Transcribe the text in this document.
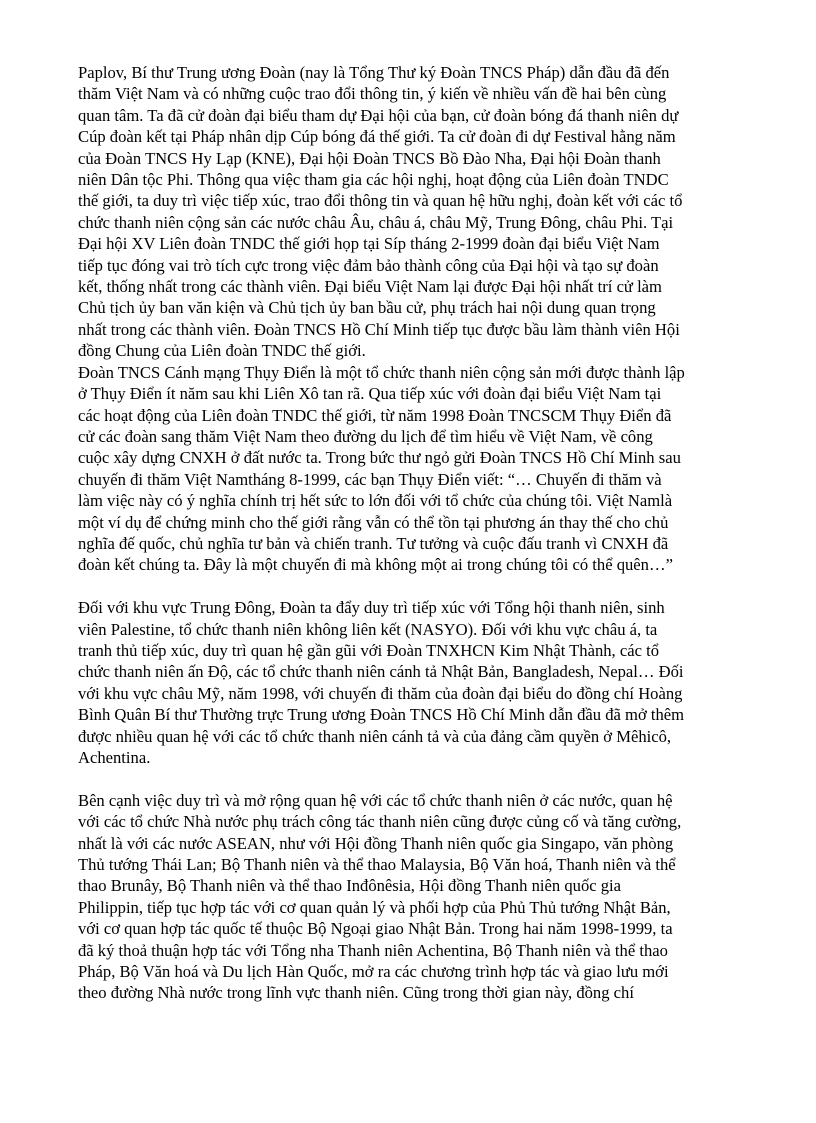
Paplov, Bí thư Trung ương Đoàn (nay là Tổng Thư ký Đoàn TNCS Pháp) dẫn đầu đã đến
thăm Việt Nam và có những cuộc trao đổi thông tin, ý kiến về nhiều vấn đề hai bên cùng
quan tâm. Ta đã cử đoàn đại biểu tham dự Đại hội của bạn, cử đoàn bóng đá thanh niên dự
Cúp đoàn kết tại Pháp nhân dịp Cúp bóng đá thế giới. Ta cử đoàn đi dự Festival hằng năm
của Đoàn TNCS Hy Lạp (KNE), Đại hội Đoàn TNCS Bồ Đào Nha, Đại hội Đoàn thanh
niên Dân tộc Phi. Thông qua việc tham gia các hội nghị, hoạt động của Liên đoàn TNDC
thế giới, ta duy trì việc tiếp xúc, trao đổi thông tin và quan hệ hữu nghị, đoàn kết với các tổ
chức thanh niên cộng sản các nước châu Âu, châu á, châu Mỹ, Trung Đông, châu Phi. Tại
Đại hội XV Liên đoàn TNDC thế giới họp tại Síp tháng 2-1999 đoàn đại biểu Việt Nam
tiếp tục đóng vai trò tích cực trong việc đảm bảo thành công của Đại hội và tạo sự đoàn
kết, thống nhất trong các thành viên. Đại biểu Việt Nam lại được Đại hội nhất trí cử làm
Chủ tịch ủy ban văn kiện và Chủ tịch ủy ban bầu cử, phụ trách hai nội dung quan trọng
nhất trong các thành viên. Đoàn TNCS Hồ Chí Minh tiếp tục được bầu làm thành viên Hội
đồng Chung của Liên đoàn TNDC thế giới.

Đoàn TNCS Cánh mạng Thụy Điển là một tổ chức thanh niên cộng sản mới được thành lập
ở Thụy Điển ít năm sau khi Liên Xô tan rã. Qua tiếp xúc với đoàn đại biểu Việt Nam tại
các hoạt động của Liên đoàn TNDC thế giới, từ năm 1998 Đoàn TNCSCM Thụy Điển đã
cử các đoàn sang thăm Việt Nam theo đường du lịch để tìm hiểu về Việt Nam, về công
cuộc xây dựng CNXH ở đất nước ta. Trong bức thư ngỏ gửi Đoàn TNCS Hồ Chí Minh sau
chuyến đi thăm Việt Namtháng 8-1999, các bạn Thụy Điển viết: “… Chuyến đi thăm và
làm việc này có ý nghĩa chính trị hết sức to lớn đối với tổ chức của chúng tôi. Việt Namlà
một ví dụ để chứng minh cho thế giới rằng vẫn có thể tồn tại phương án thay thế cho chủ
nghĩa đế quốc, chủ nghĩa tư bản và chiến tranh. Tư tưởng và cuộc đấu tranh vì CNXH đã
đoàn kết chúng ta. Đây là một chuyến đi mà không một ai trong chúng tôi có thể quên…”

Đối với khu vực Trung Đông, Đoàn ta đẩy duy trì tiếp xúc với Tổng hội thanh niên, sinh
viên Palestine, tổ chức thanh niên không liên kết (NASYO). Đối với khu vực châu á, ta
tranh thủ tiếp xúc, duy trì quan hệ gần gũi với Đoàn TNXHCN Kim Nhật Thành, các tổ
chức thanh niên ấn Độ, các tổ chức thanh niên cánh tả Nhật Bản, Bangladesh, Nepal… Đối
với khu vực châu Mỹ, năm 1998, với chuyến đi thăm của đoàn đại biểu do đồng chí Hoàng
Bình Quân Bí thư Thường trực Trung ương Đoàn TNCS Hồ Chí Minh dẫn đầu đã mở thêm
được nhiều quan hệ với các tổ chức thanh niên cánh tả và của đảng cầm quyền ở Mêhicô,
Achentina.

Bên cạnh việc duy trì và mở rộng quan hệ với các tổ chức thanh niên ở các nước, quan hệ
với các tổ chức Nhà nước phụ trách công tác thanh niên cũng được củng cố và tăng cường,
nhất là với các nước ASEAN, như với Hội đồng Thanh niên quốc gia Singapo, văn phòng
Thủ tướng Thái Lan; Bộ Thanh niên và thể thao Malaysia, Bộ Văn hoá, Thanh niên và thể
thao Brunây, Bộ Thanh niên và thể thao Inđônêsia, Hội đồng Thanh niên quốc gia
Philippin, tiếp tục hợp tác với cơ quan quản lý và phối hợp của Phủ Thủ tướng Nhật Bản,
với cơ quan hợp tác quốc tế thuộc Bộ Ngoại giao Nhật Bản. Trong hai năm 1998-1999, ta
đã ký thoả thuận hợp tác với Tổng nha Thanh niên Achentina, Bộ Thanh niên và thể thao
Pháp, Bộ Văn hoá và Du lịch Hàn Quốc, mở ra các chương trình hợp tác và giao lưu mới
theo đường Nhà nước trong lĩnh vực thanh niên. Cũng trong thời gian này, đồng chí
